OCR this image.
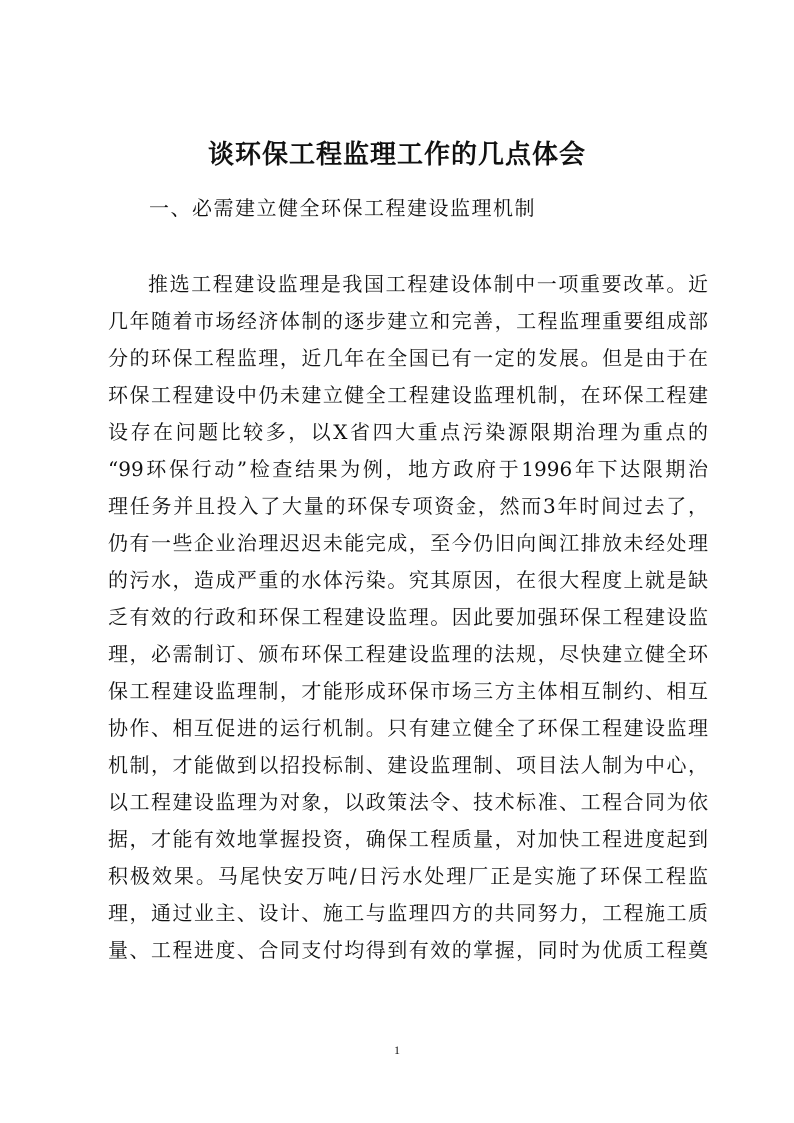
谈环保工程监理工作的几点体会
一、必需建立健全环保工程建设监理机制
推选工程建设监理是我国工程建设体制中一项重要改革。近
几年随着市场经济体制的逐步建立和完善，工程监理重要组成部
分的环保工程监理，近几年在全国已有一定的发展。但是由于在
环保工程建设中仍未建立健全工程建设监理机制，在环保工程建
设存在问题比较多，以X省四大重点污染源限期治理为重点的
“99环保行动”检查结果为例，地方政府于1996年下达限期治
理任务并且投入了大量的环保专项资金，然而3年时间过去了，
仍有一些企业治理迟迟未能完成，至今仍旧向闽江排放未经处理
的污水，造成严重的水体污染。究其原因，在很大程度上就是缺
乏有效的行政和环保工程建设监理。因此要加强环保工程建设监
理，必需制订、颁布环保工程建设监理的法规，尽快建立健全环
保工程建设监理制，才能形成环保市场三方主体相互制约、相互
协作、相互促进的运行机制。只有建立健全了环保工程建设监理
机制，才能做到以招投标制、建设监理制、项目法人制为中心，
以工程建设监理为对象，以政策法令、技术标准、工程合同为依
据，才能有效地掌握投资，确保工程质量，对加快工程进度起到
积极效果。马尾快安万吨/日污水处理厂正是实施了环保工程监
理，通过业主、设计、施工与监理四方的共同努力，工程施工质
量、工程进度、合同支付均得到有效的掌握，同时为优质工程奠
1
